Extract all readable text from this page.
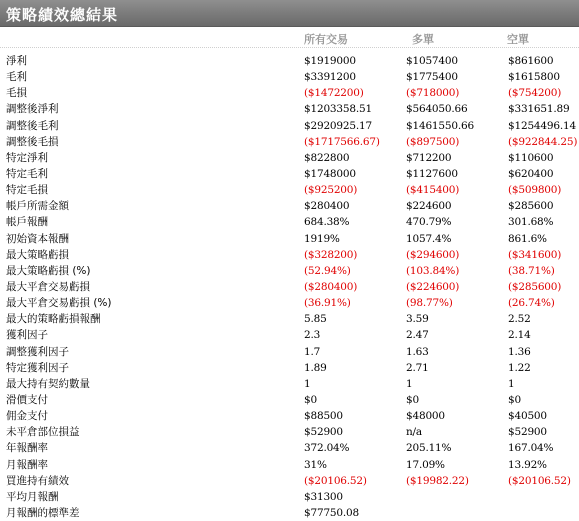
策略績效總結果
所有交易	多單	空單
淨利	$1919000	$1057400	$861600
毛利	$3391200	$1775400	$1615800
毛損	($1472200)	($718000)	($754200)
調整後淨利	$1203358.51	$564050.66	$331651.89
調整後毛利	$2920925.17	$1461550.66	$1254496.14
調整後毛損	($1717566.67)	($897500)	($922844.25)
特定淨利	$822800	$712200	$110600
特定毛利	$1748000	$1127600	$620400
特定毛損	($925200)	($415400)	($509800)
帳戶所需金額	$280400	$224600	$285600
帳戶報酬	684.38%	470.79%	301.68%
初始資本報酬	1919%	1057.4%	861.6%
最大策略虧損	($328200)	($294600)	($341600)
最大策略虧損 (%)	(52.94%)	(103.84%)	(38.71%)
最大平倉交易虧損	($280400)	($224600)	($285600)
最大平倉交易虧損 (%)	(36.91%)	(98.77%)	(26.74%)
最大的策略虧損報酬	5.85	3.59	2.52
獲利因子	2.3	2.47	2.14
調整獲利因子	1.7	1.63	1.36
特定獲利因子	1.89	2.71	1.22
最大持有契約數量	1	1	1
滑價支付	$0	$0	$0
佣金支付	$88500	$48000	$40500
未平倉部位損益	$52900	n/a	$52900
年報酬率	372.04%	205.11%	167.04%
月報酬率	31%	17.09%	13.92%
買進持有績效	($20106.52)	($19982.22)	($20106.52)
平均月報酬	$31300
月報酬的標準差	$77750.08
